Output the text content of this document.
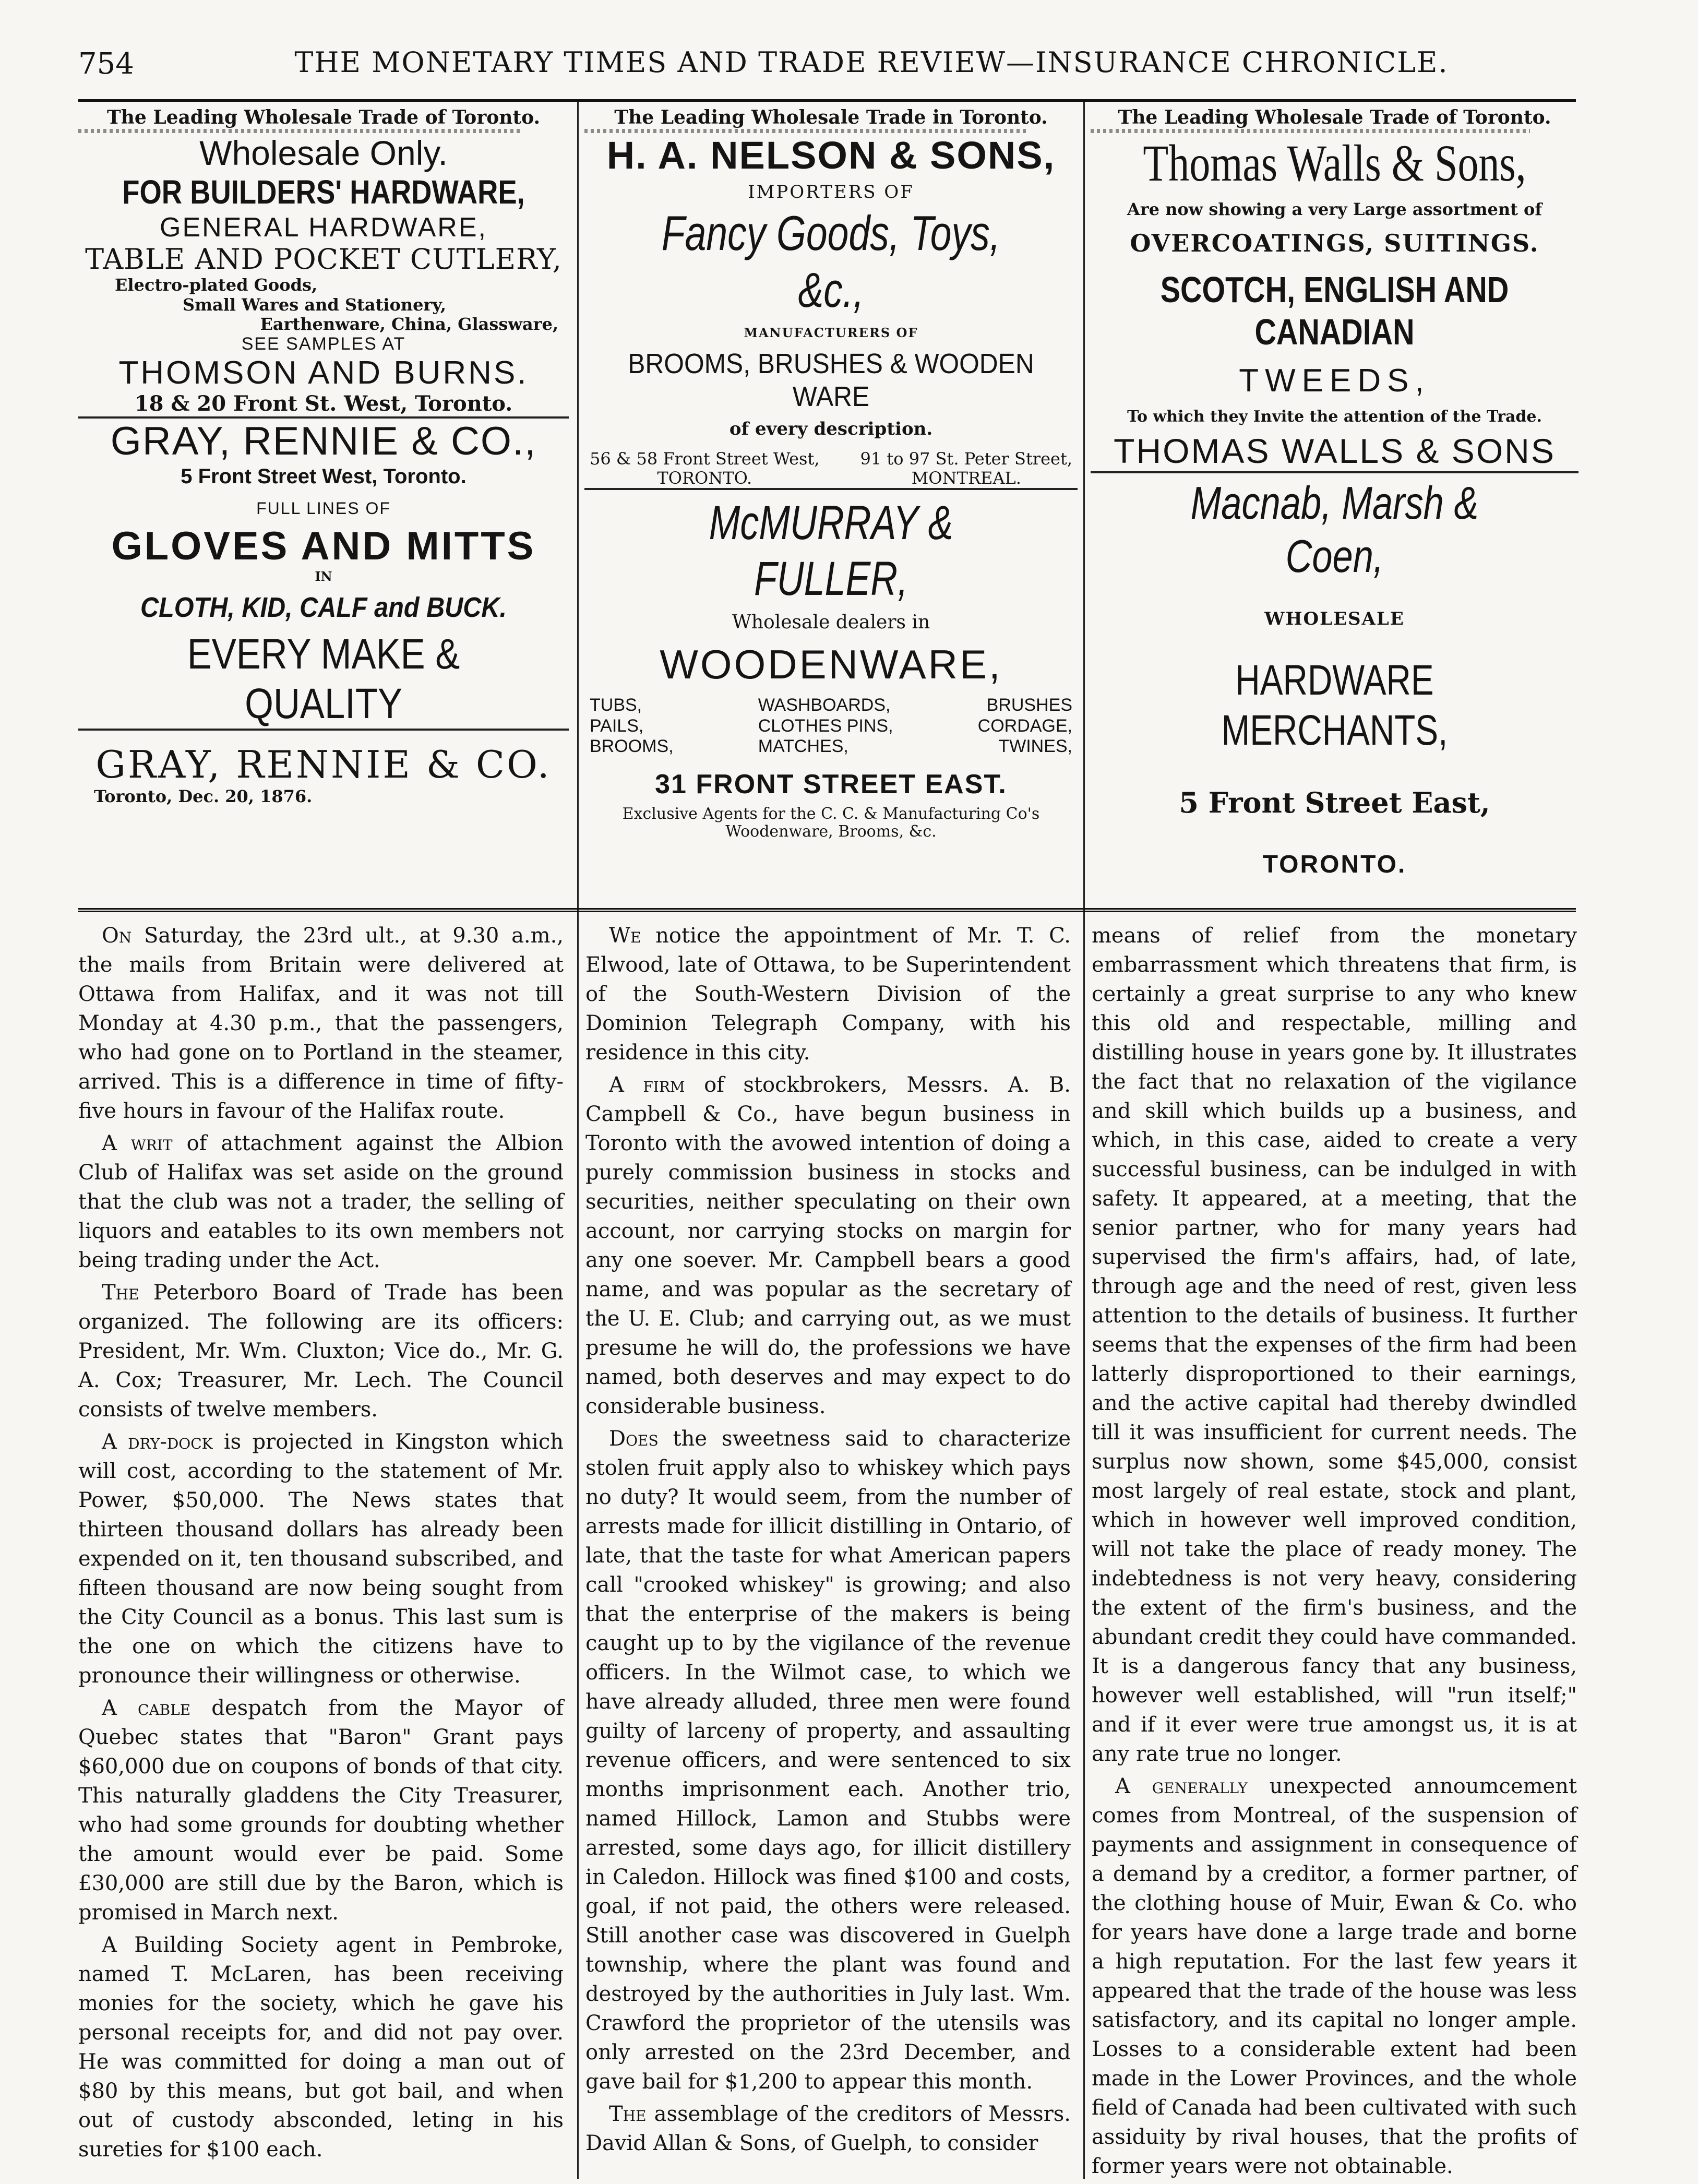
754	THE MONETARY TIMES AND TRADE REVIEW—INSURANCE CHRONICLE.
The Leading Wholesale Trade of Toronto.
Wholesale Only.
FOR BUILDERS' HARDWARE,
GENERAL HARDWARE,
TABLE AND POCKET CUTLERY,
Electro-plated Goods,
Small Wares and Stationery,
Earthenware, China, Glassware,
SEE SAMPLES AT
THOMSON AND BURNS.
18 & 20 Front St. West, Toronto.
GRAY, RENNIE & CO.,
5 Front Street West, Toronto.
FULL LINES OF
GLOVES AND MITTS
IN
CLOTH, KID, CALF and BUCK.
EVERY MAKE & QUALITY
GRAY, RENNIE & CO.
Toronto, Dec. 20, 1876.
The Leading Wholesale Trade in Toronto.
H. A. NELSON & SONS,
IMPORTERS OF
Fancy Goods, Toys, &c.,
MANUFACTURERS OF
BROOMS, BRUSHES & WOODEN WARE
of every description.
56 & 58 Front Street West,
TORONTO.
91 to 97 St. Peter Street,
MONTREAL.
McMURRAY & FULLER,
Wholesale dealers in
WOODENWARE,
TUBS,
PAILS,
BROOMS,
WASHBOARDS,
CLOTHES PINS,
MATCHES,
BRUSHES
CORDAGE,
TWINES,
31 FRONT STREET EAST.
Exclusive Agents for the C. C. & Manufacturing Co's Woodenware, Brooms, &c.
The Leading Wholesale Trade of Toronto.
Thomas Walls & Sons,
Are now showing a very Large assortment of
OVERCOATINGS, SUITINGS.
SCOTCH, ENGLISH AND CANADIAN
TWEEDS,
To which they Invite the attention of the Trade.
THOMAS WALLS & SONS
Macnab, Marsh & Coen,
WHOLESALE
HARDWARE MERCHANTS,
5 Front Street East,
TORONTO.

On Saturday, the 23rd ult., at 9.30 a.m., the mails from Britain were delivered at Ottawa from Halifax, and it was not till Monday at 4.30 p.m., that the passengers, who had gone on to Portland in the steamer, arrived. This is a difference in time of fifty-five hours in favour of the Halifax route.

A writ of attachment against the Albion Club of Halifax was set aside on the ground that the club was not a trader, the selling of liquors and eatables to its own members not being trading under the Act.

The Peterboro Board of Trade has been organized. The following are its officers: President, Mr. Wm. Cluxton; Vice do., Mr. G. A. Cox; Treasurer, Mr. Lech. The Council consists of twelve members.

A dry-dock is projected in Kingston which will cost, according to the statement of Mr. Power, $50,000. The News states that thirteen thousand dollars has already been expended on it, ten thousand subscribed, and fifteen thousand are now being sought from the City Council as a bonus. This last sum is the one on which the citizens have to pronounce their willingness or otherwise.

A cable despatch from the Mayor of Quebec states that "Baron" Grant pays $60,000 due on coupons of bonds of that city. This naturally gladdens the City Treasurer, who had some grounds for doubting whether the amount would ever be paid. Some £30,000 are still due by the Baron, which is promised in March next.

A Building Society agent in Pembroke, named T. McLaren, has been receiving monies for the society, which he gave his personal receipts for, and did not pay over. He was committed for doing a man out of $80 by this means, but got bail, and when out of custody absconded, leting in his sureties for $100 each.

We notice the appointment of Mr. T. C. Elwood, late of Ottawa, to be Superintendent of the South-Western Division of the Dominion Telegraph Company, with his residence in this city.

A firm of stockbrokers, Messrs. A. B. Campbell & Co., have begun business in Toronto with the avowed intention of doing a purely commission business in stocks and securities, neither speculating on their own account, nor carrying stocks on margin for any one soever. Mr. Campbell bears a good name, and was popular as the secretary of the U. E. Club; and carrying out, as we must presume he will do, the professions we have named, both deserves and may expect to do considerable business.

Does the sweetness said to characterize stolen fruit apply also to whiskey which pays no duty? It would seem, from the number of arrests made for illicit distilling in Ontario, of late, that the taste for what American papers call "crooked whiskey" is growing; and also that the enterprise of the makers is being caught up to by the vigilance of the revenue officers. In the Wilmot case, to which we have already alluded, three men were found guilty of larceny of property, and assaulting revenue officers, and were sentenced to six months imprisonment each. Another trio, named Hillock, Lamon and Stubbs were arrested, some days ago, for illicit distillery in Caledon. Hillock was fined $100 and costs, goal, if not paid, the others were released. Still another case was discovered in Guelph township, where the plant was found and destroyed by the authorities in July last. Wm. Crawford the proprietor of the utensils was only arrested on the 23rd December, and gave bail for $1,200 to appear this month.

The assemblage of the creditors of Messrs. David Allan & Sons, of Guelph, to consider

means of relief from the monetary embarrassment which threatens that firm, is certainly a great surprise to any who knew this old and respectable, milling and distilling house in years gone by. It illustrates the fact that no relaxation of the vigilance and skill which builds up a business, and which, in this case, aided to create a very successful business, can be indulged in with safety. It appeared, at a meeting, that the senior partner, who for many years had supervised the firm's affairs, had, of late, through age and the need of rest, given less attention to the details of business. It further seems that the expenses of the firm had been latterly disproportioned to their earnings, and the active capital had thereby dwindled till it was insufficient for current needs. The surplus now shown, some $45,000, consist most largely of real estate, stock and plant, which in however well improved condition, will not take the place of ready money. The indebtedness is not very heavy, considering the extent of the firm's business, and the abundant credit they could have commanded. It is a dangerous fancy that any business, however well established, will "run itself;" and if it ever were true amongst us, it is at any rate true no longer.

A generally unexpected annoumcement comes from Montreal, of the suspension of payments and assignment in consequence of a demand by a creditor, a former partner, of the clothing house of Muir, Ewan & Co. who for years have done a large trade and borne a high reputation. For the last few years it appeared that the trade of the house was less satisfactory, and its capital no longer ample. Losses to a considerable extent had been made in the Lower Provinces, and the whole field of Canada had been cultivated with such assiduity by rival houses, that the profits of former years were not obtainable.
